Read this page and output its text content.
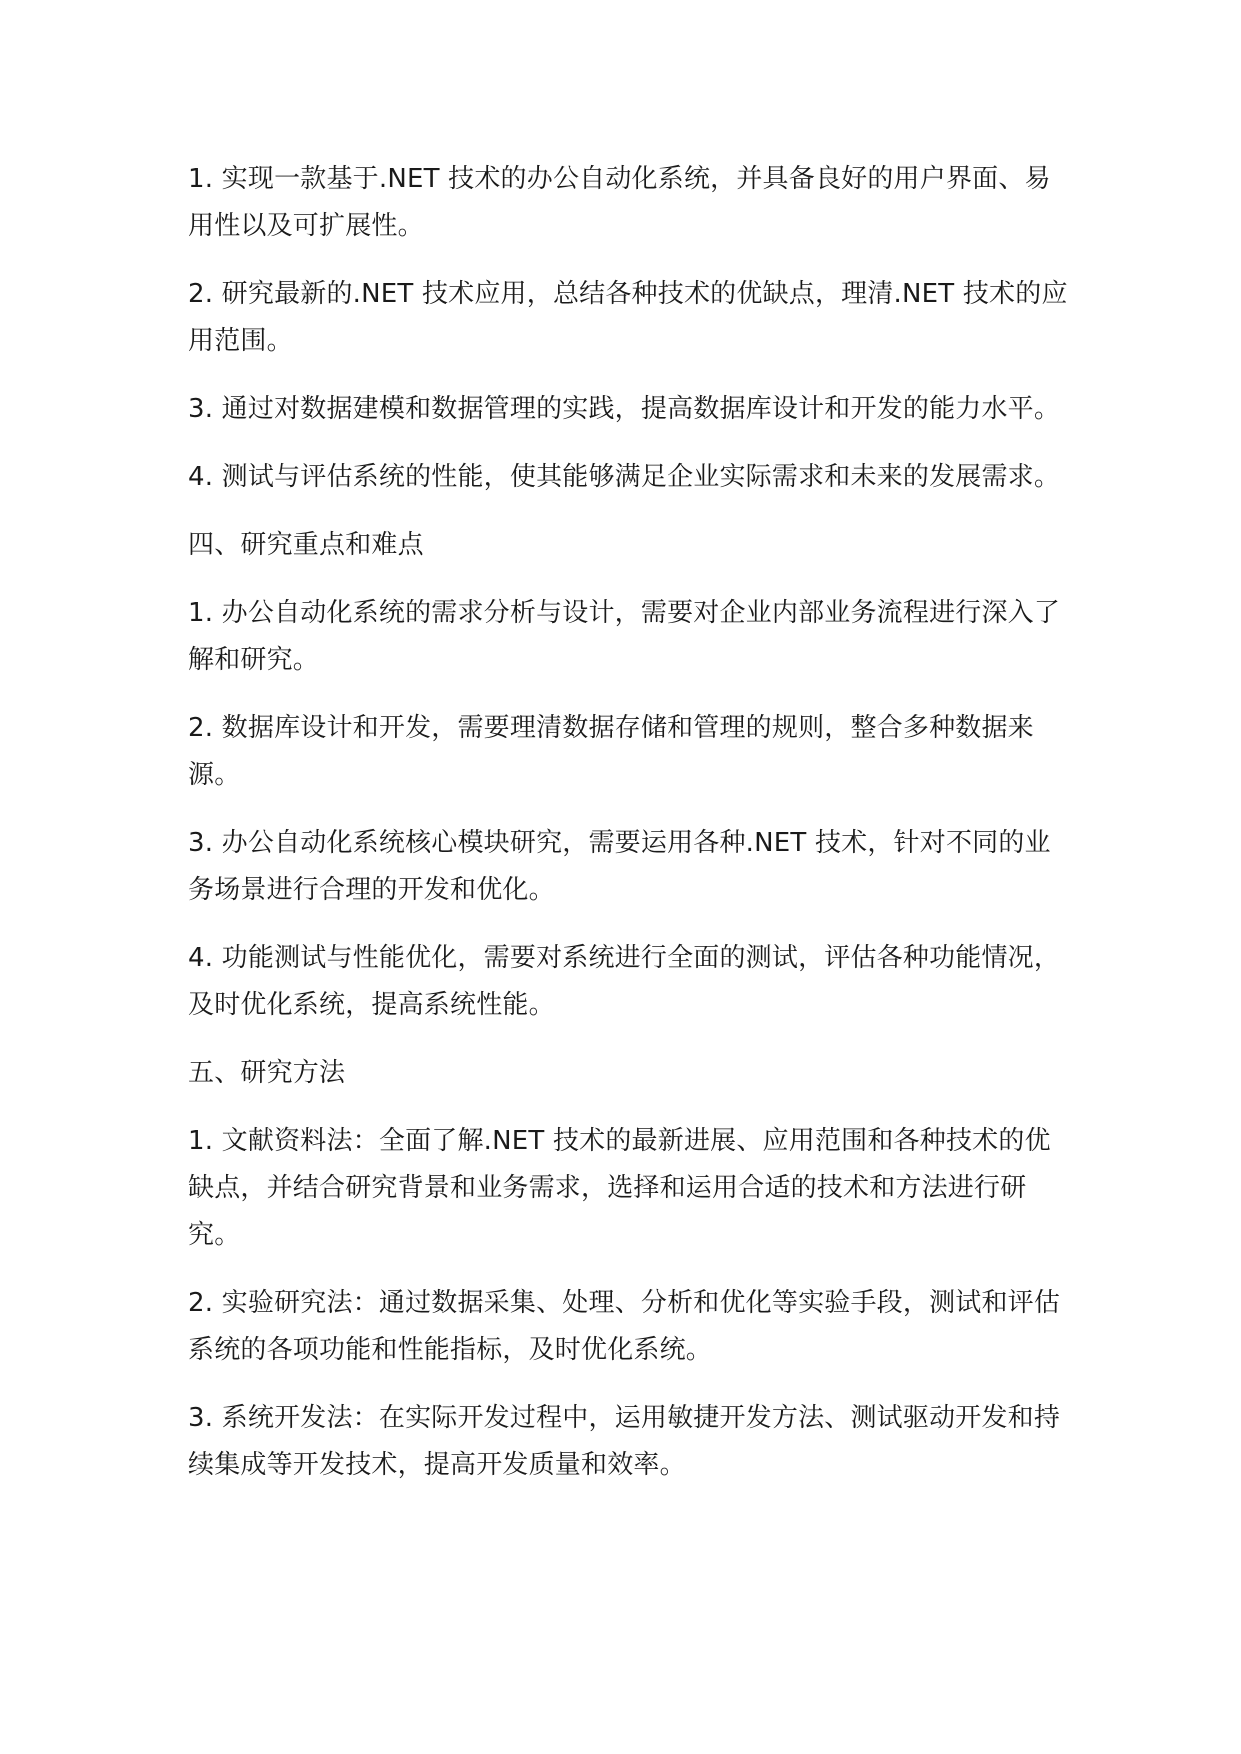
1. 实现一款基于.NET 技术的办公自动化系统，并具备良好的用户界面、易用性以及可扩展性。

2. 研究最新的.NET 技术应用，总结各种技术的优缺点，理清.NET 技术的应用范围。

3. 通过对数据建模和数据管理的实践，提高数据库设计和开发的能力水平。

4. 测试与评估系统的性能，使其能够满足企业实际需求和未来的发展需求。

四、研究重点和难点

1. 办公自动化系统的需求分析与设计，需要对企业内部业务流程进行深入了解和研究。

2. 数据库设计和开发，需要理清数据存储和管理的规则，整合多种数据来源。

3. 办公自动化系统核心模块研究，需要运用各种.NET 技术，针对不同的业务场景进行合理的开发和优化。

4. 功能测试与性能优化，需要对系统进行全面的测试，评估各种功能情况，及时优化系统，提高系统性能。

五、研究方法

1. 文献资料法：全面了解.NET 技术的最新进展、应用范围和各种技术的优缺点，并结合研究背景和业务需求，选择和运用合适的技术和方法进行研究。

2. 实验研究法：通过数据采集、处理、分析和优化等实验手段，测试和评估系统的各项功能和性能指标，及时优化系统。

3. 系统开发法：在实际开发过程中，运用敏捷开发方法、测试驱动开发和持续集成等开发技术，提高开发质量和效率。
